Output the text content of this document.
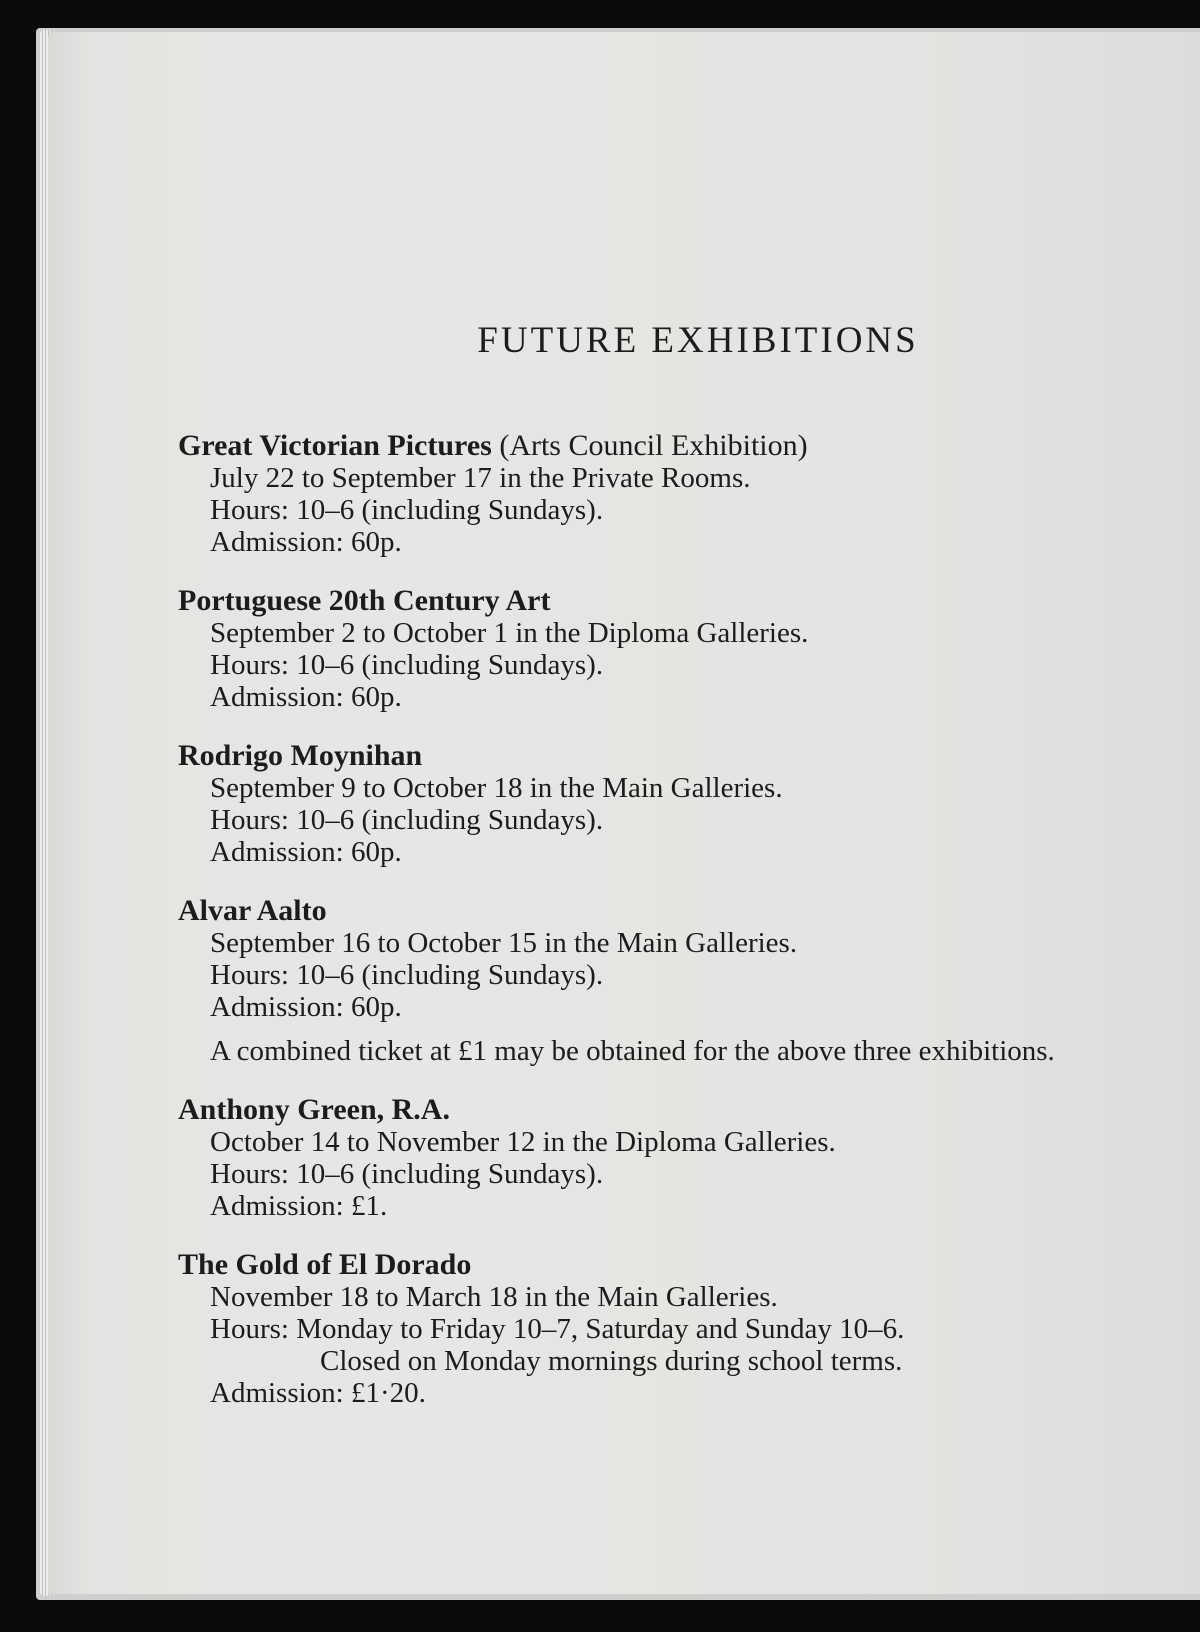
FUTURE EXHIBITIONS
Great Victorian Pictures (Arts Council Exhibition)
July 22 to September 17 in the Private Rooms.
Hours: 10–6 (including Sundays).
Admission: 60p.
Portuguese 20th Century Art
September 2 to October 1 in the Diploma Galleries.
Hours: 10–6 (including Sundays).
Admission: 60p.
Rodrigo Moynihan
September 9 to October 18 in the Main Galleries.
Hours: 10–6 (including Sundays).
Admission: 60p.
Alvar Aalto
September 16 to October 15 in the Main Galleries.
Hours: 10–6 (including Sundays).
Admission: 60p.
A combined ticket at £1 may be obtained for the above three exhibitions.
Anthony Green, R.A.
October 14 to November 12 in the Diploma Galleries.
Hours: 10–6 (including Sundays).
Admission: £1.
The Gold of El Dorado
November 18 to March 18 in the Main Galleries.
Hours: Monday to Friday 10–7, Saturday and Sunday 10–6.
Closed on Monday mornings during school terms.
Admission: £1·20.
